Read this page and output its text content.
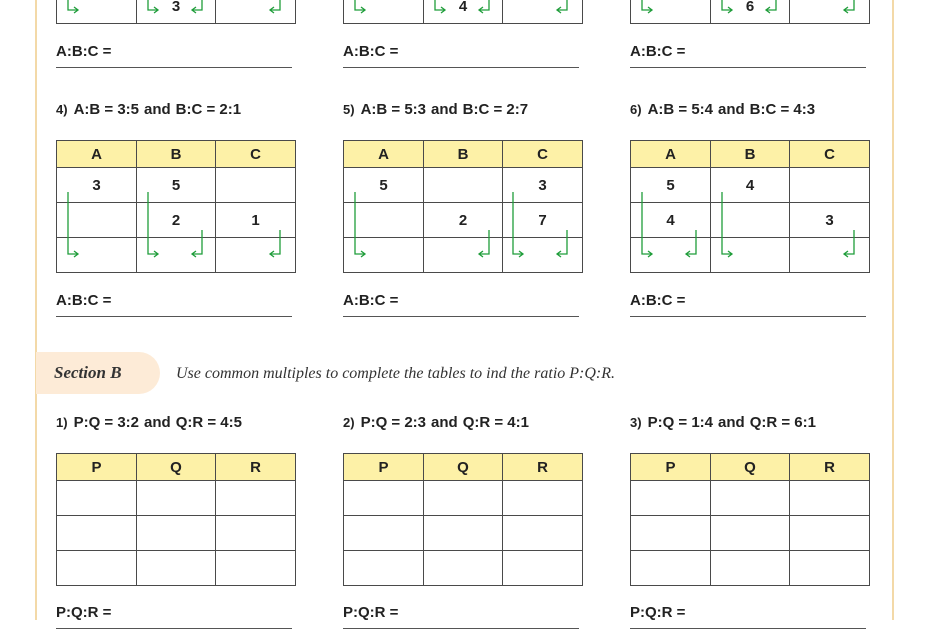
	3	
		4	
		6	
A:B:C =	A:B:C =	A:B:C =
4) A:B = 3:5 and B:C = 2:1	5) A:B = 5:3 and B:C = 2:7	6) A:B = 5:4 and B:C = 4:3
A	B	C
3	5	
	2	1

A	B	C
5		3
	2	7

A	B	C
5	4	
4		3

A:B:C =	A:B:C =	A:B:C =
Section B	Use common multiples to complete the tables to ind the ratio P:Q:R.
1) P:Q = 3:2 and Q:R = 4:5	2) P:Q = 2:3 and Q:R = 4:1	3) P:Q = 1:4 and Q:R = 6:1
P	Q	R

			P	Q	R

			P	Q	R

P:Q:R =	P:Q:R =	P:Q:R =
